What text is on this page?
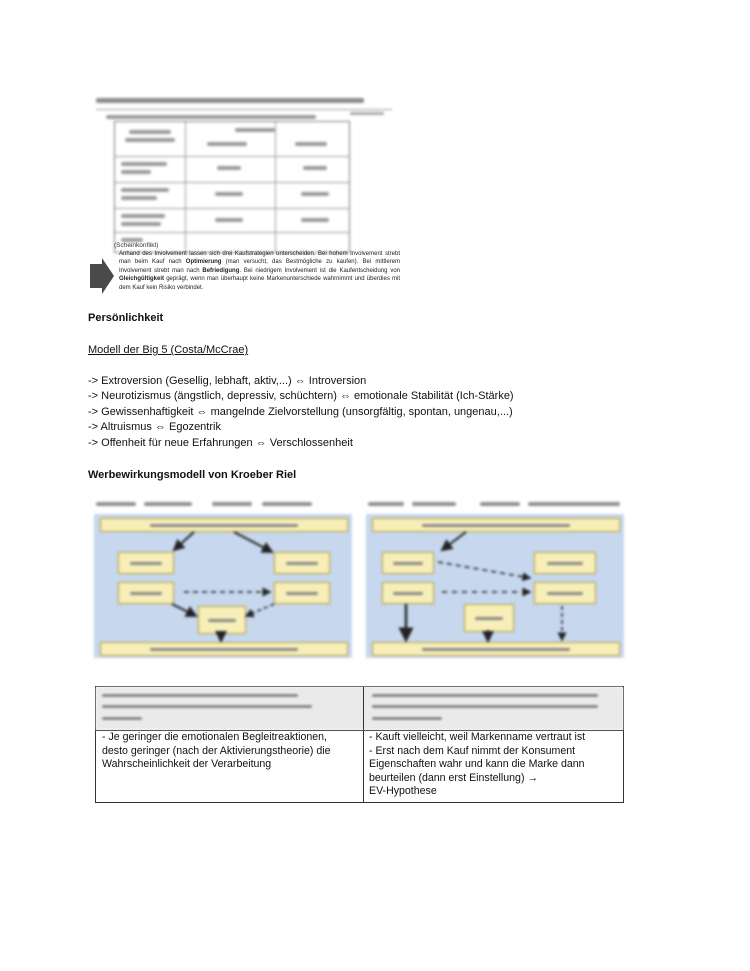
(Scheinkonflikt)
Anhand des Involvement lassen sich drei Kaufstrategien unterscheiden. Bei hohem Involvement strebt man beim Kauf nach Optimierung (man versucht, das Bestmögliche zu kaufen). Bei mittlerem Involvement strebt man nach Befriedigung. Bei niedrigem Involvement ist die Kaufentscheidung von Gleichgültigkeit geprägt, wenn man überhaupt keine Markenunterschiede wahrnimmt und überdies mit dem Kauf kein Risiko verbindet.
Persönlichkeit
Modell der Big 5 (Costa/McCrae)
-> Extroversion (Gesellig, lebhaft, aktiv,...) ⇔ Introversion
-> Neurotizismus (ängstlich, depressiv, schüchtern) ⇔ emotionale Stabilität (Ich-Stärke)
-> Gewissenhaftigkeit ⇔ mangelnde Zielvorstellung (unsorgfältig, spontan, ungenau,...)
-> Altruismus ⇔ Egozentrik
-> Offenheit für neue Erfahrungen ⇔ Verschlossenheit
Werbewirkungsmodell von Kroeber Riel
- Je geringer die emotionalen Begleitreaktionen,
desto geringer (nach der Aktivierungstheorie) die
Wahrscheinlichkeit der Verarbeitung
- Kauft vielleicht, weil Markenname vertraut ist
- Erst nach dem Kauf nimmt der Konsument
Eigenschaften wahr und kann die Marke dann
beurteilen (dann erst Einstellung) →
EV-Hypothese
